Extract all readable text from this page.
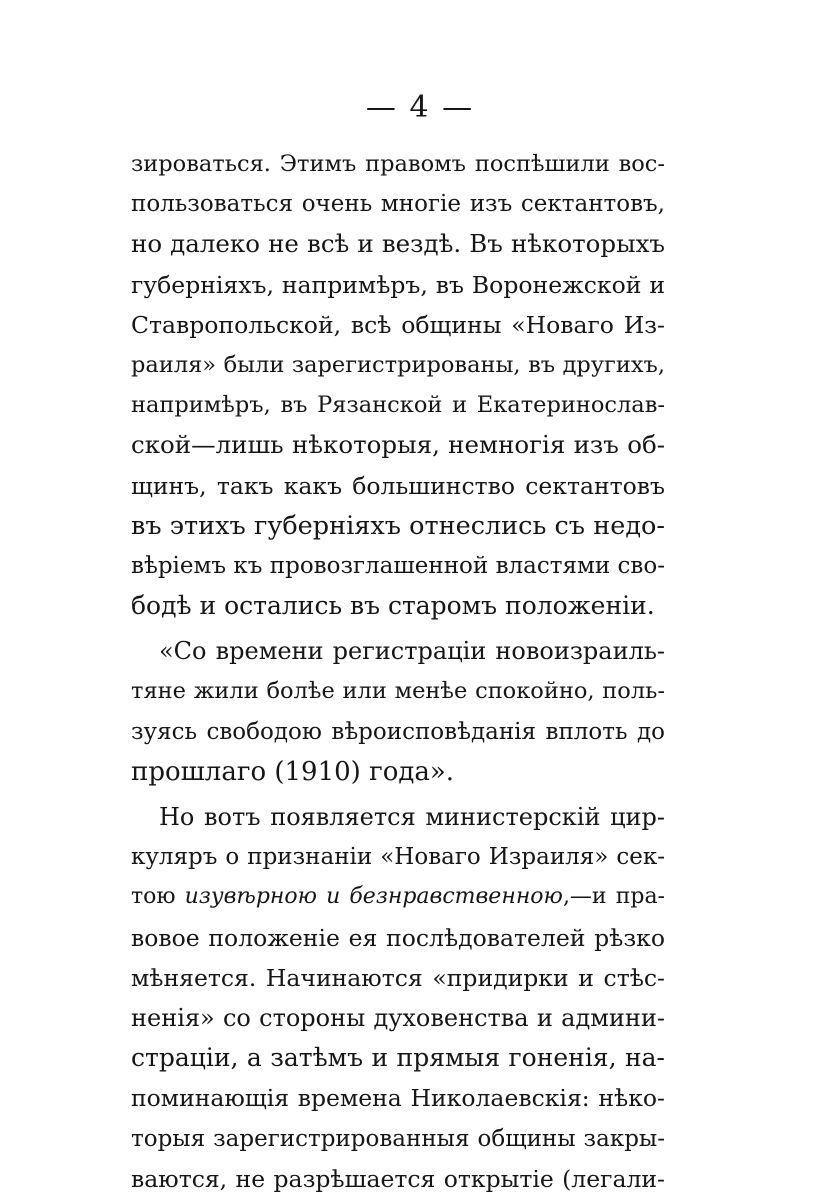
— 4 —
зироваться. Этимъ правомъ поспѣшили вос-
пользоваться очень многіе изъ сектантовъ,
но далеко не всѣ и вездѣ. Въ нѣкоторыхъ
губерніяхъ, напримѣръ, въ Воронежской и
Ставропольской, всѣ общины «Новаго Из-
раиля» были зарегистрированы, въ другихъ,
напримѣръ, въ Рязанской и Екатеринослав-
ской—лишь нѣкоторыя, немногія изъ об-
щинъ, такъ какъ большинство сектантовъ
въ этихъ губерніяхъ отнеслись съ недо-
вѣріемъ къ провозглашенной властями сво-
бодѣ и остались въ старомъ положеніи.
«Со времени регистраціи новоизраиль-
тяне жили болѣе или менѣе спокойно, поль-
зуясь свободою вѣроисповѣданія вплоть до
прошлаго (1910) года».
Но вотъ появляется министерскій цир-
куляръ о признаніи «Новаго Израиля» сек-
тою изувѣрною и безнравственною,—и пра-
вовое положеніе ея послѣдователей рѣзко
мѣняется. Начинаются «придирки и стѣс-
ненія» со стороны духовенства и админи-
страціи, а затѣмъ и прямыя гоненія, на-
поминающія времена Николаевскія: нѣко-
торыя зарегистрированныя общины закры-
ваются, не разрѣшается открытіе (легали-
